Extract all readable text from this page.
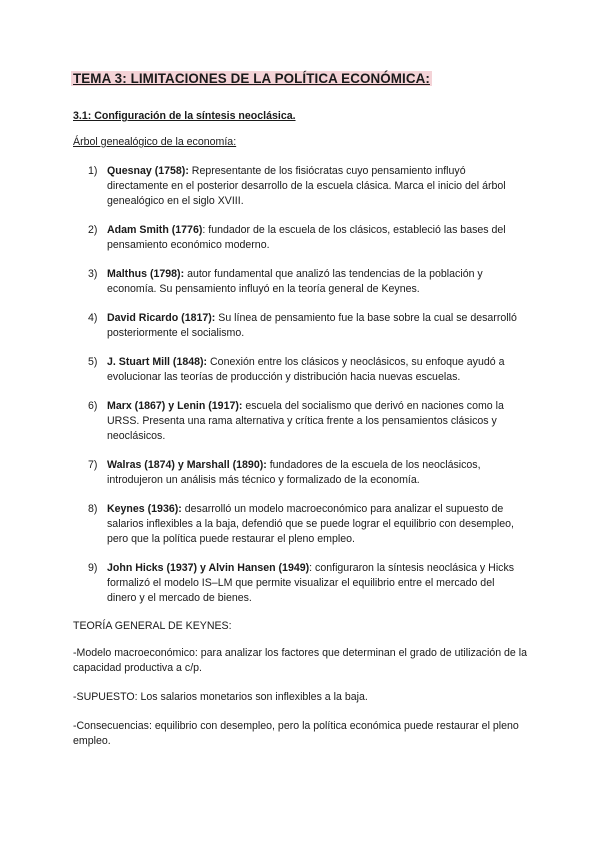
TEMA 3: LIMITACIONES DE LA POLÍTICA ECONÓMICA:
3.1: Configuración de la síntesis neoclásica.
Árbol genealógico de la economía:
1) Quesnay (1758): Representante de los fisiócratas cuyo pensamiento influyó directamente en el posterior desarrollo de la escuela clásica. Marca el inicio del árbol genealógico en el siglo XVIII.
2) Adam Smith (1776): fundador de la escuela de los clásicos, estableció las bases del pensamiento económico moderno.
3) Malthus (1798): autor fundamental que analizó las tendencias de la población y economía. Su pensamiento influyó en la teoría general de Keynes.
4) David Ricardo (1817): Su línea de pensamiento fue la base sobre la cual se desarrolló posteriormente el socialismo.
5) J. Stuart Mill (1848): Conexión entre los clásicos y neoclásicos, su enfoque ayudó a evolucionar las teorías de producción y distribución hacia nuevas escuelas.
6) Marx (1867) y Lenin (1917): escuela del socialismo que derivó en naciones como la URSS. Presenta una rama alternativa y crítica frente a los pensamientos clásicos y neoclásicos.
7) Walras (1874) y Marshall (1890): fundadores de la escuela de los neoclásicos, introdujeron un análisis más técnico y formalizado de la economía.
8) Keynes (1936): desarrolló un modelo macroeconómico para analizar el supuesto de salarios inflexibles a la baja, defendió que se puede lograr el equilibrio con desempleo, pero que la política puede restaurar el pleno empleo.
9) John Hicks (1937) y Alvin Hansen (1949): configuraron la síntesis neoclásica y Hicks formalizó el modelo IS–LM que permite visualizar el equilibrio entre el mercado del dinero y el mercado de bienes.
TEORÍA GENERAL DE KEYNES:
-Modelo macroeconómico: para analizar los factores que determinan el grado de utilización de la capacidad productiva a c/p.
-SUPUESTO: Los salarios monetarios son inflexibles a la baja.
-Consecuencias: equilibrio con desempleo, pero la política económica puede restaurar el pleno empleo.
